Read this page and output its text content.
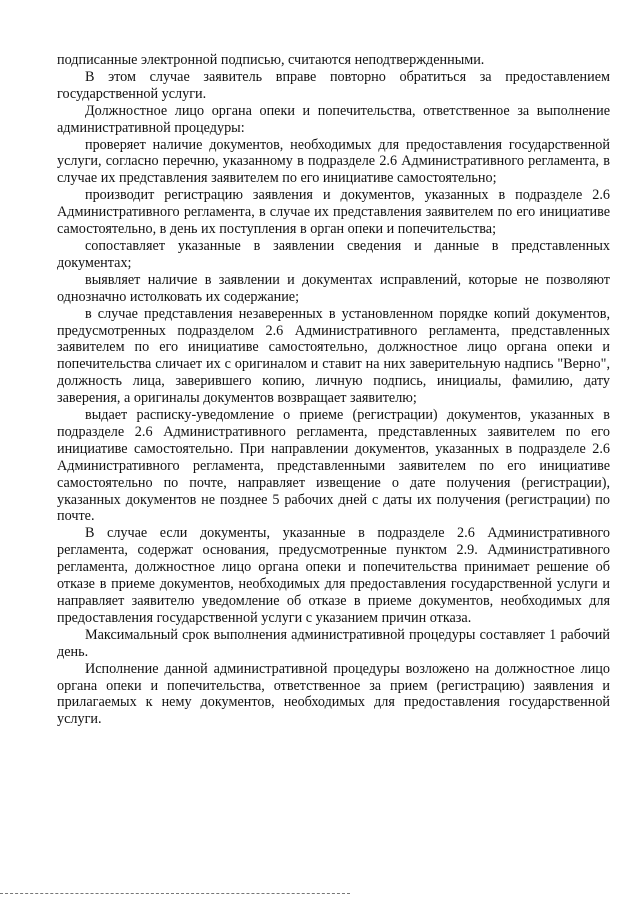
подписанные электронной подписью, считаются неподтвержденными.

В этом случае заявитель вправе повторно обратиться за предоставлением государственной услуги.

Должностное лицо органа опеки и попечительства, ответственное за выполнение административной процедуры:

проверяет наличие документов, необходимых для предоставления государственной услуги, согласно перечню, указанному в подразделе 2.6 Административного регламента, в случае их представления заявителем по его инициативе самостоятельно;

производит регистрацию заявления и документов, указанных в подразделе 2.6 Административного регламента, в случае их представления заявителем по его инициативе самостоятельно, в день их поступления в орган опеки и попечительства;

сопоставляет указанные в заявлении сведения и данные в представленных документах;

выявляет наличие в заявлении и документах исправлений, которые не позволяют однозначно истолковать их содержание;

в случае представления незаверенных в установленном порядке копий документов, предусмотренных подразделом 2.6 Административного регламента, представленных заявителем по его инициативе самостоятельно, должностное лицо органа опеки и попечительства сличает их с оригиналом и ставит на них заверительную надпись "Верно", должность лица, заверившего копию, личную подпись, инициалы, фамилию, дату заверения, а оригиналы документов возвращает заявителю;

выдает расписку-уведомление о приеме (регистрации) документов, указанных в подразделе 2.6 Административного регламента, представленных заявителем по его инициативе самостоятельно. При направлении документов, указанных в подразделе 2.6 Административного регламента, представленными заявителем по его инициативе самостоятельно по почте, направляет извещение о дате получения (регистрации), указанных документов не позднее 5 рабочих дней с даты их получения (регистрации) по почте.

В случае если документы, указанные в подразделе 2.6 Административного регламента, содержат основания, предусмотренные пунктом 2.9. Административного регламента, должностное лицо органа опеки и попечительства принимает решение об отказе в приеме документов, необходимых для предоставления государственной услуги и направляет заявителю уведомление об отказе в приеме документов, необходимых для предоставления государственной услуги с указанием причин отказа.

Максимальный срок выполнения административной процедуры составляет 1 рабочий день.

Исполнение данной административной процедуры возложено на должностное лицо органа опеки и попечительства, ответственное за прием (регистрацию) заявления и прилагаемых к нему документов, необходимых для предоставления государственной услуги.
